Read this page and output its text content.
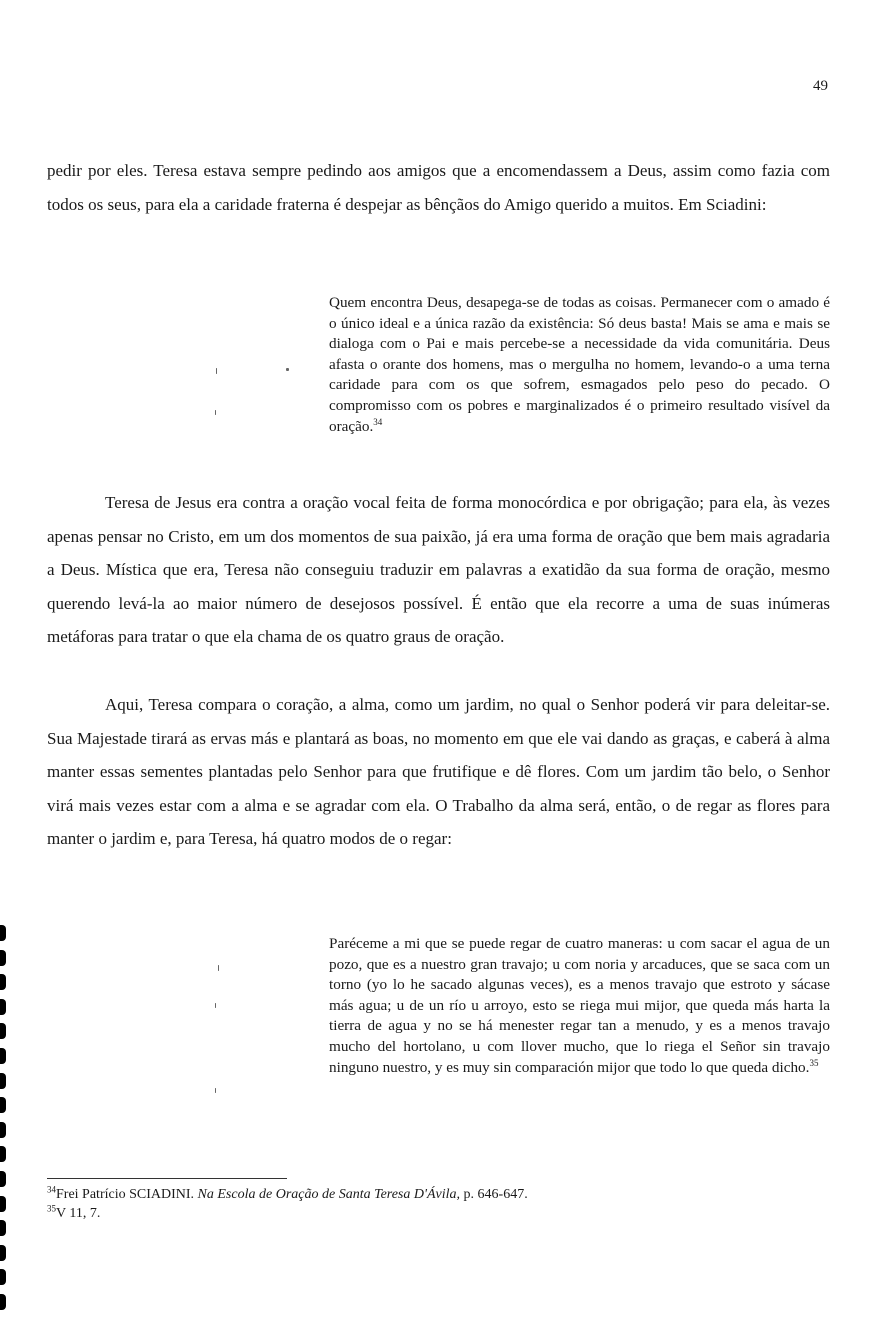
49

pedir por eles. Teresa estava sempre pedindo aos amigos que a encomendassem a Deus, assim como fazia com todos os seus, para ela a caridade fraterna é despejar as bênçãos do Amigo querido a muitos. Em Sciadini:

Quem encontra Deus, desapega-se de todas as coisas. Permanecer com o amado é o único ideal e a única razão da existência: Só deus basta! Mais se ama e mais se dialoga com o Pai e mais percebe-se a necessidade da vida comunitária. Deus afasta o orante dos homens, mas o mergulha no homem, levando-o a uma terna caridade para com os que sofrem, esmagados pelo peso do pecado. O compromisso com os pobres e marginalizados é o primeiro resultado visível da oração.$^{34}$

Teresa de Jesus era contra a oração vocal feita de forma monocórdica e por obrigação; para ela, às vezes apenas pensar no Cristo, em um dos momentos de sua paixão, já era uma forma de oração que bem mais agradaria a Deus. Mística que era, Teresa não conseguiu traduzir em palavras a exatidão da sua forma de oração, mesmo querendo levá-la ao maior número de desejosos possível. É então que ela recorre a uma de suas inúmeras metáforas para tratar o que ela chama de os quatro graus de oração.

Aqui, Teresa compara o coração, a alma, como um jardim, no qual o Senhor poderá vir para deleitar-se. Sua Majestade tirará as ervas más e plantará as boas, no momento em que ele vai dando as graças, e caberá à alma manter essas sementes plantadas pelo Senhor para que frutifique e dê flores. Com um jardim tão belo, o Senhor virá mais vezes estar com a alma e se agradar com ela. O Trabalho da alma será, então, o de regar as flores para manter o jardim e, para Teresa, há quatro modos de o regar:

Paréceme a mi que se puede regar de cuatro maneras: u com sacar el agua de un pozo, que es a nuestro gran travajo; u com noria y arcaduces, que se saca com un torno (yo lo he sacado algunas veces), es a menos travajo que estroto y sácase más agua; u de un río u arroyo, esto se riega mui mijor, que queda más harta la tierra de agua y no se há menester regar tan a menudo, y es a menos travajo mucho del hortolano, u com llover mucho, que lo riega el Señor sin travajo ninguno nuestro, y es muy sin comparación mijor que todo lo que queda dicho.$^{35}$

$^{34}$Frei Patrício SCIADINI. Na Escola de Oração de Santa Teresa D'Ávila, p. 646-647.

$^{35}$V 11, 7.
